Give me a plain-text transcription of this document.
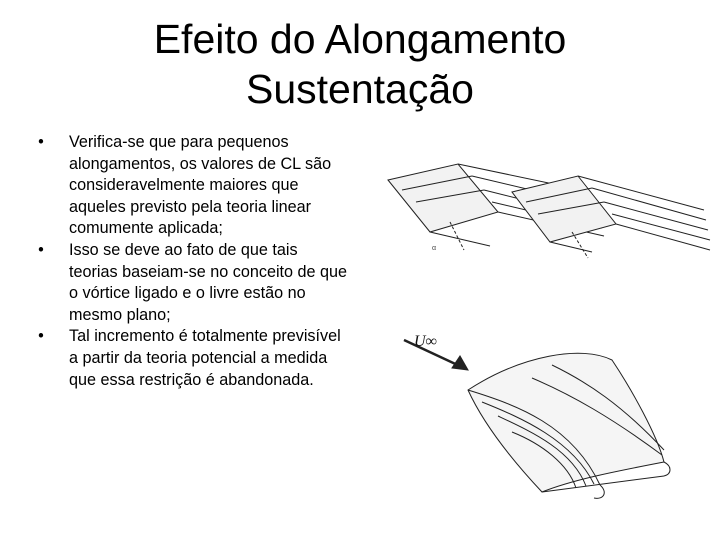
Efeito do Alongamento
Sustentação
• Verifica-se que para pequenos alongamentos, os valores de CL são consideravelmente maiores que aqueles previsto pela teoria linear comumente aplicada;
• Isso se deve ao fato de que tais teorias baseiam-se no conceito de que o vórtice ligado e o livre estão no mesmo plano;
• Tal incremento é totalmente previsível a partir da teoria potencial a medida que essa restrição é abandonada.
α
U∞
